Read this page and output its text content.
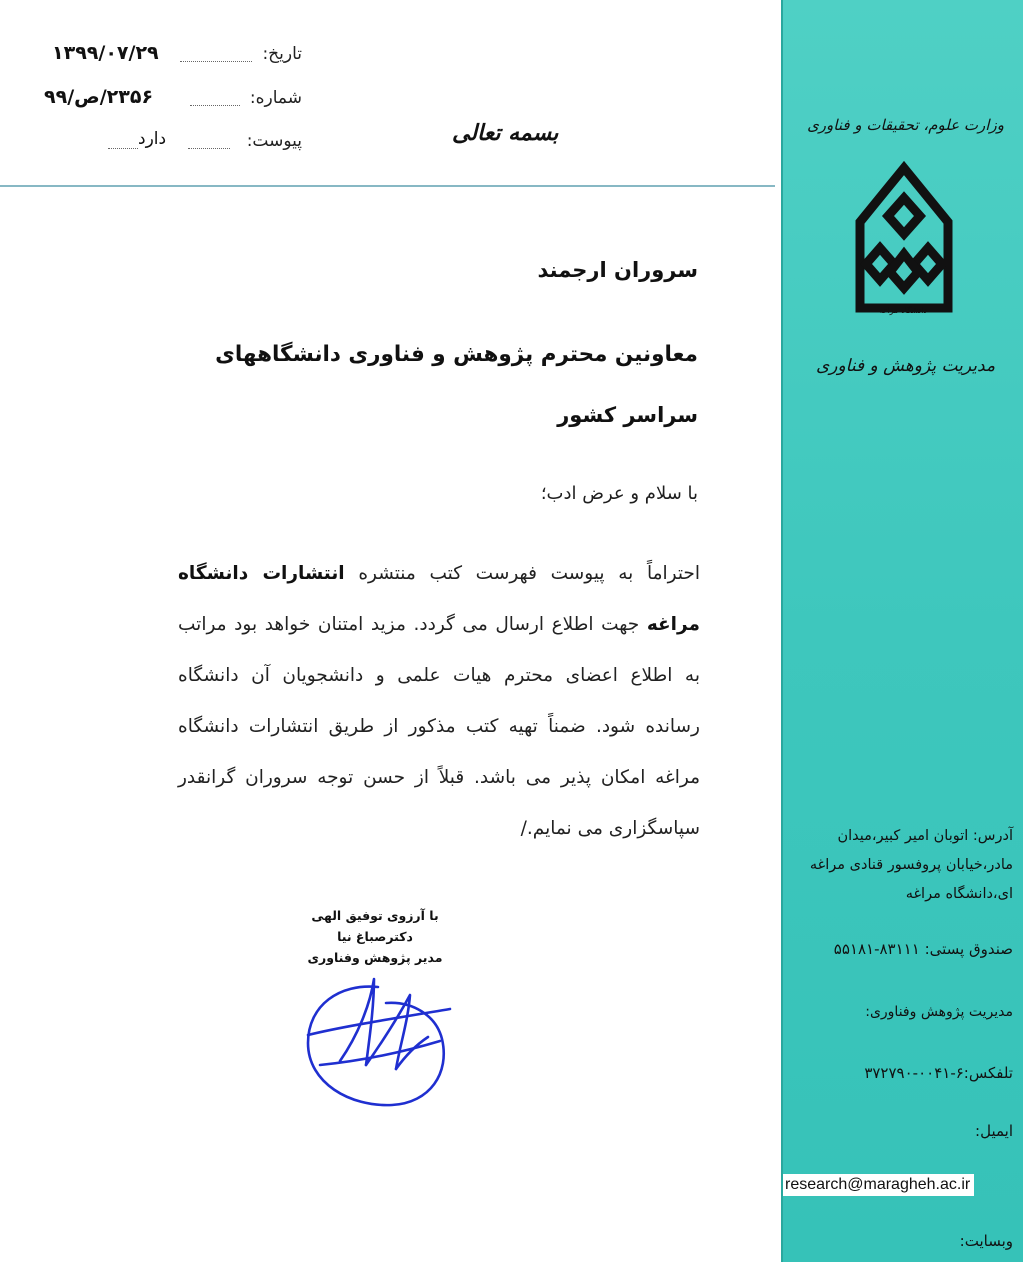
تاریخ:
۱۳۹۹/۰۷/۲۹
شماره:
۲۳۵۶/ص/۹۹
پیوست:
دارد	بسمه تعالی
سروران ارجمند
معاونین محترم پژوهش و فناوری دانشگاههای
سراسر کشور
با سلام و عرض ادب؛
احتراماً به پیوست فهرست کتب منتشره انتشارات دانشگاه مراغه جهت اطلاع ارسال می گردد. مزید امتنان خواهد بود مراتب به اطلاع اعضای محترم هیات علمی و دانشجویان آن دانشگاه رسانده شود. ضمناً تهیه کتب مذکور از طریق انتشارات دانشگاه مراغه امکان پذیر می باشد. قبلاً از حسن توجه سروران گرانقدر سپاسگزاری می نمایم./
با آرزوی توفیق الهی
دکترصباغ نیا
مدیر پژوهش وفناوری
وزارت علوم، تحقیقات و فناوری
دانشگاه مراغه
مدیریت پژوهش و فناوری
آدرس: اتوبان امیر کبیر،میدان مادر،خیابان پروفسور قنادی مراغه ای،دانشگاه مراغه
صندوق پستی: ۸۳۱۱۱-۵۵۱۸۱
مدیریت پژوهش وفناوری:
تلفکس:۶-۰۰۴۱-۳۷۲۷۹۰
ایمیل:
research@maragheh.ac.ir
وبسایت:
